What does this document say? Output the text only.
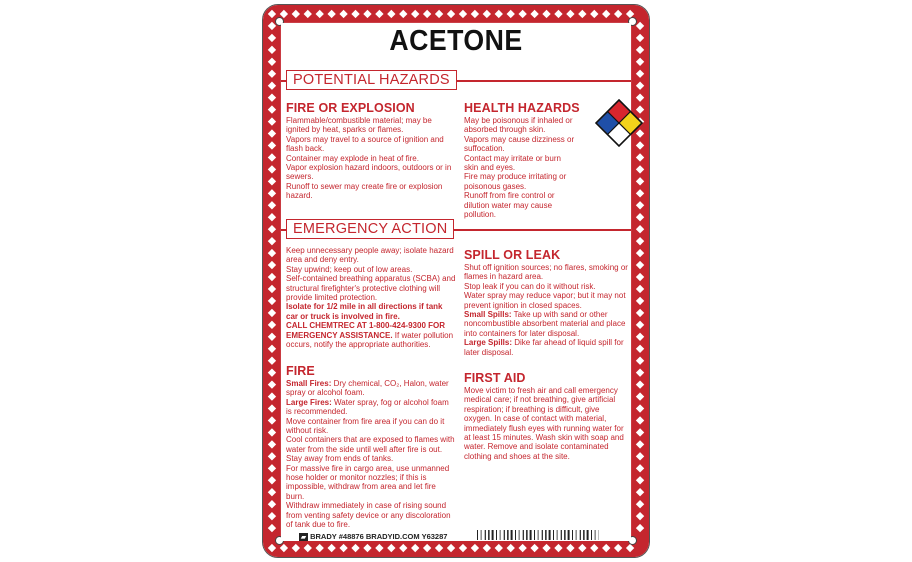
ACETONE
POTENTIAL HAZARDS
FIRE OR EXPLOSION

Flammable/combustible material; may be ignited by heat, sparks or flames.

Vapors may travel to a source of ignition and flash back.

Container may explode in heat of fire.

Vapor explosion hazard indoors, outdoors or in sewers.

Runoff to sewer may create fire or explosion hazard.

HEALTH HAZARDS

May be poisonous if inhaled or absorbed through skin.

Vapors may cause dizziness or suffocation.

Contact may irritate or burn skin and eyes.

Fire may produce irritating or poisonous gases.

Runoff from fire control or dilution water may cause pollution.

EMERGENCY ACTION

Keep unnecessary people away; isolate hazard area and deny entry.

Stay upwind; keep out of low areas.

Self-contained breathing apparatus (SCBA) and structural firefighter's protective clothing will provide limited protection.

Isolate for 1/2 mile in all directions if tank car or truck is involved in fire.

CALL CHEMTREC AT 1-800-424-9300 FOR EMERGENCY ASSISTANCE. If water pollution occurs, notify the appropriate authorities.

SPILL OR LEAK

Shut off ignition sources; no flares, smoking or flames in hazard area.

Stop leak if you can do it without risk.

Water spray may reduce vapor; but it may not prevent ignition in closed spaces.

Small Spills: Take up with sand or other noncombustible absorbent material and place into containers for later disposal.

Large Spills: Dike far ahead of liquid spill for later disposal.

FIRE

Small Fires: Dry chemical, CO₂, Halon, water spray or alcohol foam.

Large Fires: Water spray, fog or alcohol foam is recommended.

Move container from fire area if you can do it without risk.

Cool containers that are exposed to flames with water from the side until well after fire is out. Stay away from ends of tanks.

For massive fire in cargo area, use unmanned hose holder or monitor nozzles; if this is impossible, withdraw from area and let fire burn.

Withdraw immediately in case of rising sound from venting safety device or any discoloration of tank due to fire.

FIRST AID
Move victim to fresh air and call emergency medical care; if not breathing, give artificial respiration; if breathing is difficult, give oxygen. In case of contact with material, immediately flush eyes with running water for at least 15 minutes. Wash skin with soap and water. Remove and isolate contaminated clothing and shoes at the site.
▰ BRADY #48876 BRADYID.COM Y63287
